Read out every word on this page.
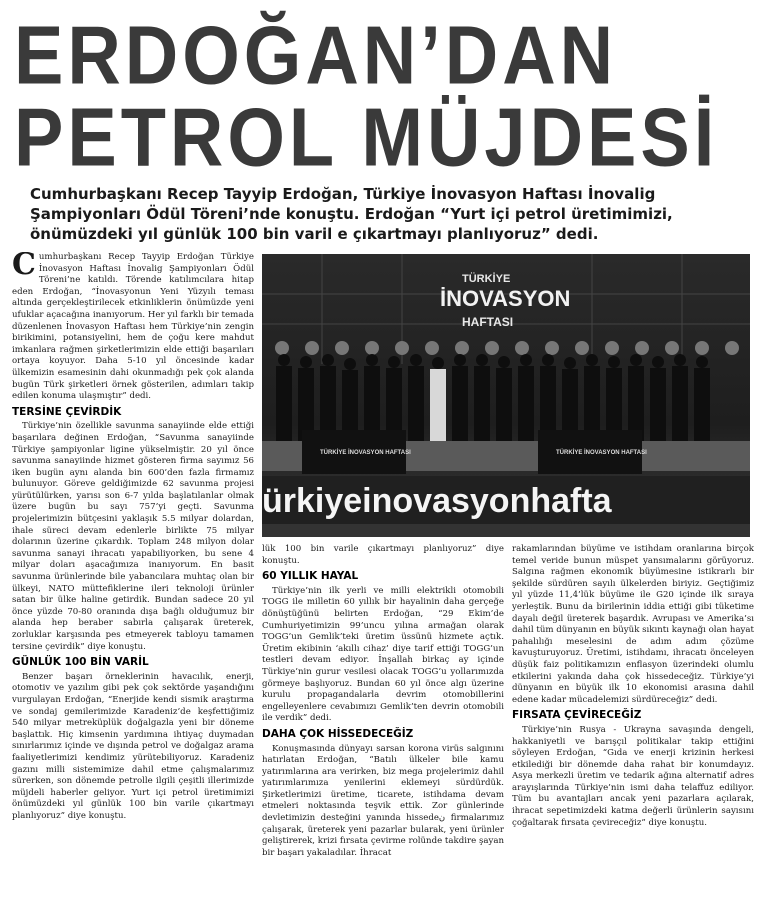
ERDOĞAN’DAN
PETROL MÜJDESİ
Cumhurbaşkanı Recep Tayyip Erdoğan, Türkiye İnovasyon Haftası İnovalig Şampiyonları Ödül Töreni’nde konuştu. Erdoğan “Yurt içi petrol üretimimizi, önümüzdeki yıl günlük 100 bin varil e çıkartmayı planlıyoruz” dedi.
TÜRKİYE
İNOVASYON
HAFTASI
TÜRKİYE İNOVASYON HAFTASI	TÜRKİYE İNOVASYON HAFTASI
ürkiyeinovasyonhafta

Cumhurbaşkanı Recep Tayyip Erdoğan Türkiye İnovasyon Haftası İnovalig Şampiyonları Ödül Töreni’ne katıldı. Törende katılımcılara hitap eden Erdoğan, “İnovasyonun Yeni Yüzyılı teması altında gerçekleştirilecek etkinliklerin önümüzde yeni ufuklar açacağına inanıyorum. Her yıl farklı bir temada düzenlenen İnovasyon Haftası hem Türkiye’nin zengin birikimini, potansiyelini, hem de çoğu kere mahdut imkanlara rağmen şirketlerimizin elde ettiği başarıları ortaya koyuyor. Daha 5-10 yıl öncesinde kadar ülkemizin esamesinin dahi okunmadığı pek çok alanda bugün Türk şirketleri örnek gösterilen, adımları takip edilen konuma ulaşmıştır” dedi.

TERSİNE ÇEVİRDİK

Türkiye’nin özellikle savunma sanayiinde elde ettiği başarılara değinen Erdoğan, “Savunma sanayiinde Türkiye şampiyonlar ligine yükselmiştir. 20 yıl önce savunma sanayiinde hizmet gösteren firma sayımız 56 iken bugün aynı alanda bin 600’den fazla firmamız bulunuyor. Göreve geldiğimizde 62 savunma projesi yürütülürken, yarısı son 6-7 yılda başlatılanlar olmak üzere bugün bu sayı 757’yi geçti. Savunma projelerimizin bütçesini yaklaşık 5.5 milyar dolardan, ihale süreci devam edenlerle birlikte 75 milyar dolarının üzerine çıkardık. Toplam 248 milyon dolar savunma sanayi ihracatı yapabiliyorken, bu sene 4 milyar doları aşacağımıza inanıyorum. En basit savunma ürünlerinde bile yabancılara muhtaç olan bir ülkeyi, NATO müttefiklerine ileri teknoloji ürünler satan bir ülke haline getirdik. Bundan sadece 20 yıl önce yüzde 70-80 oranında dışa bağlı olduğumuz bir alanda hep beraber sabırla çalışarak üreterek, zorluklar karşısında pes etmeyerek tabloyu tamamen tersine çevirdik” diye konuştu.

GÜNLÜK 100 BİN VARİL

Benzer başarı örneklerinin havacılık, enerji, otomotiv ve yazılım gibi pek çok sektörde yaşandığını vurgulayan Erdoğan, “Enerjide kendi sismik araştırma ve sondaj gemilerimizde Karadeniz’de keşfettiğimiz 540 milyar metreküplük doğalgazla yeni bir döneme başlattık. Hiç kimsenin yardımına ihtiyaç duymadan sınırlarımız içinde ve dışında petrol ve doğalgaz arama faaliyetlerimizi kendimiz yürütebiliyoruz. Karadeniz gazını milli sistemimize dahil etme çalışmalarımız sürerken, son dönemde petrolle ilgili çeşitli illerimizde müjdeli haberler geliyor. Yurt içi petrol üretimimizi önümüzdeki yıl günlük 100 bin varile çıkartmayı planlıyoruz” diye konuştu.

lük 100 bin varile çıkartmayı planlıyoruz” diye konuştu.

60 YILLIK HAYAL

Türkiye’nin ilk yerli ve milli elektrikli otomobili TOGG ile milletin 60 yıllık bir hayalinin daha gerçeğe dönüştüğünü belirten Erdoğan, “29 Ekim’de Cumhuriyetimizin 99’uncu yılına armağan olarak TOGG’un Gemlik’teki üretim üssünü hizmete açtık. Üretim ekibinin ‘akıllı cihaz’ diye tarif ettiği TOGG’un testleri devam ediyor. İnşallah birkaç ay içinde Türkiye’nin gurur vesilesi olacak TOGG’u yollarımızda görmeye başlıyoruz. Bundan 60 yıl önce algı üzerine kurulu propagandalarla devrim otomobillerini engelleyenlere cevabımızı Gemlik’ten devrin otomobili ile verdik” dedi.

DAHA ÇOK HİSSEDECEĞİZ

Konuşmasında dünyayı sarsan korona virüs salgınını hatırlatan Erdoğan, “Batılı ülkeler bile kamu yatırımlarına ara verirken, biz mega projelerimiz dahil yatırımlarımıza yenilerini eklemeyi sürdürdük. Şirketlerimizi üretime, ticarete, istihdama devam etmeleri noktasında teşvik ettik. Zor günlerinde devletimizin desteğini yanında hissedeن firmalarımız çalışarak, üreterek yeni pazarlar bularak, yeni ürünler geliştirerek, krizi fırsata çevirme rolünde takdire şayan bir başarı yakaladılar. İhracat

rakamlarından büyüme ve istihdam oranlarına birçok temel veride bunun müspet yansımalarını görüyoruz. Salgına rağmen ekonomik büyümesine istikrarlı bir şekilde sürdüren sayılı ülkelerden biriyiz. Geçtiğimiz yıl yüzde 11,4’lük büyüme ile G20 içinde ilk sıraya yerleştik. Bunu da birilerinin iddia ettiği gibi tüketime dayalı değil üreterek başardık. Avrupası ve Amerika’sı dahil tüm dünyanın en büyük sıkıntı kaynağı olan hayat pahalılığı meselesini de adım adım çözüme kavuşturuyoruz. Üretimi, istihdamı, ihracatı önceleyen düşük faiz politikamızın enflasyon üzerindeki olumlu etkilerini yakında daha çok hissedeceğiz. Türkiye’yi dünyanın en büyük ilk 10 ekonomisi arasına dahil edene kadar mücadelemizi sürdüreceğiz” dedi.

FIRSATA ÇEVİRECEĞİZ

Türkiye’nin Rusya - Ukrayna savaşında dengeli, hakkaniyetli ve barışçıl politikalar takip ettiğini söyleyen Erdoğan, “Gıda ve enerji krizinin herkesi etkilediği bir dönemde daha rahat bir konumdayız. Asya merkezli üretim ve tedarik ağına alternatif adres arayışlarında Türkiye’nin ismi daha telaffuz ediliyor. Tüm bu avantajları ancak yeni pazarlara açılarak, ihracat sepetimizdeki katma değerli ürünlerin sayısını çoğaltarak fırsata çevireceğiz” diye konuştu.
